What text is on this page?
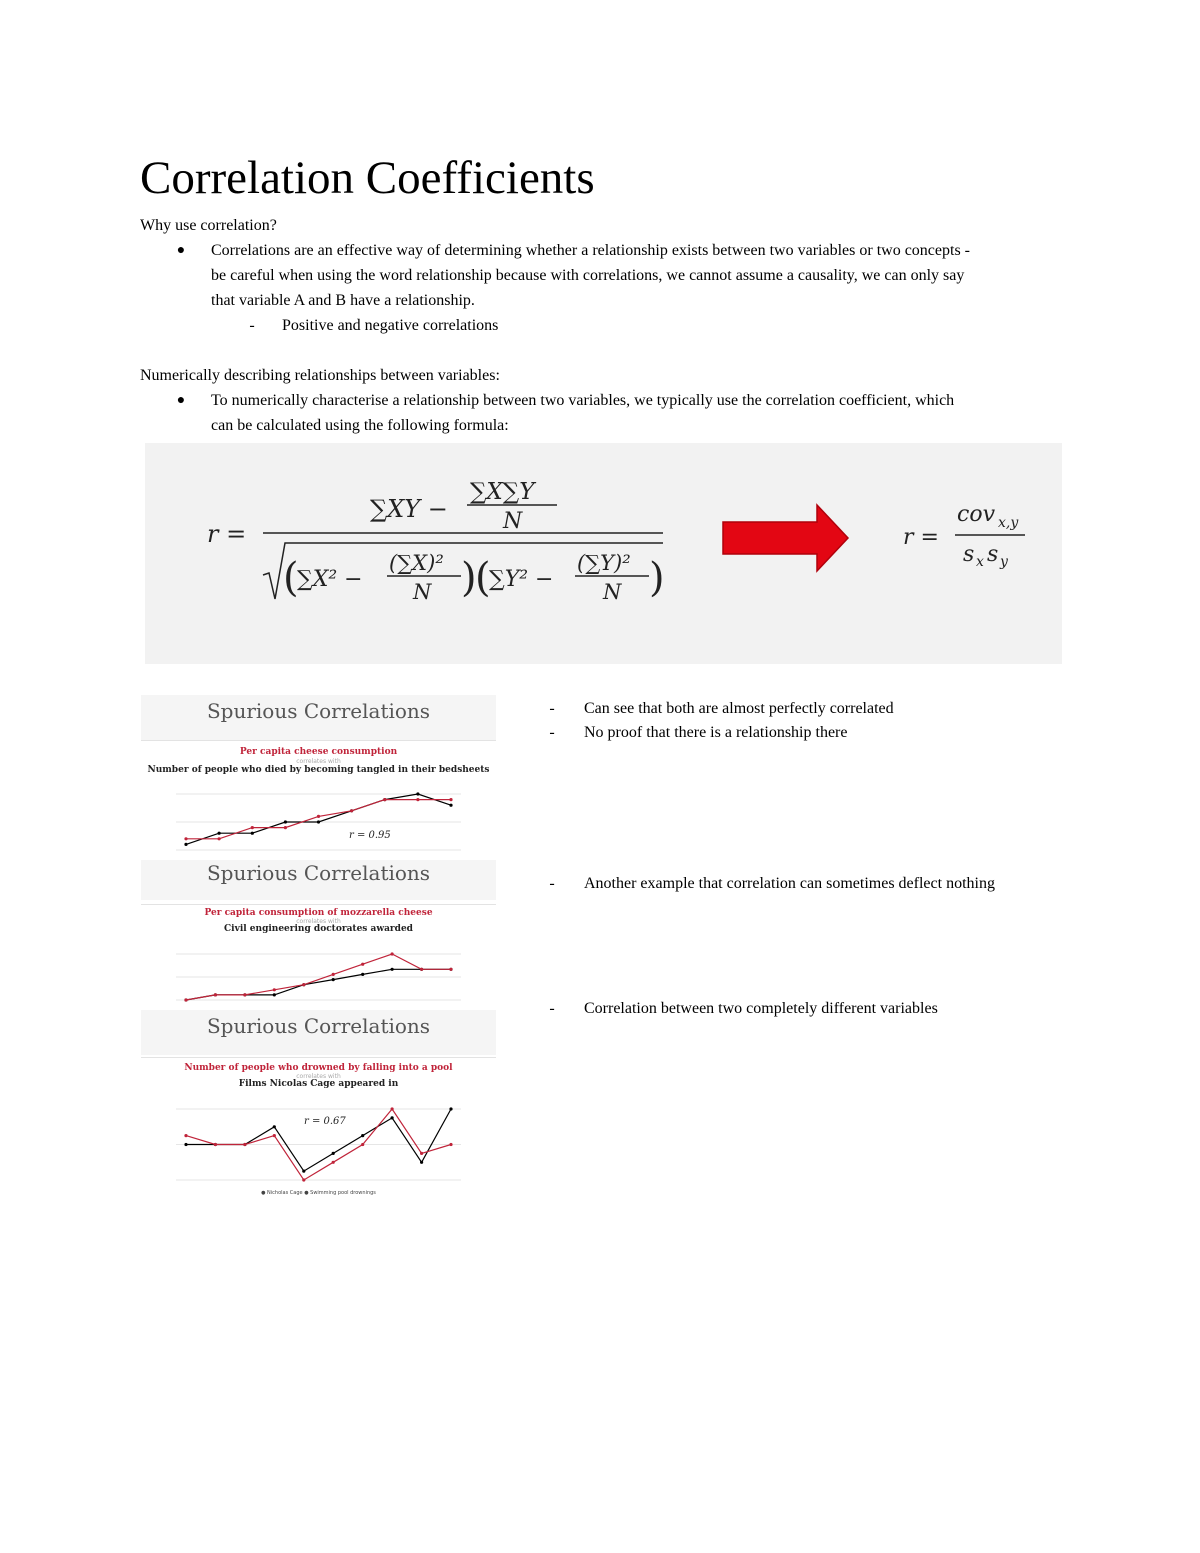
Correlation Coefficients
Why use correlation?
● Correlations are an effective way of determining whether a relationship exists between two variables or two concepts -
be careful when using the word relationship because with correlations, we cannot assume a causality, we can only say
that variable A and B have a relationship.
- Positive and negative correlations
Numerically describing relationships between variables:
● To numerically characterise a relationship between two variables, we typically use the correlation coefficient, which
can be calculated using the following formula:
r =
∑XY −
∑X∑Y
N
(
∑X² −
(∑X)²
N )
(
∑Y² −
(∑Y)²
N )
r =
cov x,y
s x s y
Spurious Correlations
Per capita cheese consumption
correlates with
Number of people who died by becoming tangled in their bedsheets
r = 0.95
Spurious Correlations
Per capita consumption of mozzarella cheese
correlates with
Civil engineering doctorates awarded
Spurious Correlations
Number of people who drowned by falling into a pool
correlates with
Films Nicolas Cage appeared in
r = 0.67
● Nicholas Cage ● Swimming pool drownings
- Can see that both are almost perfectly correlated
- No proof that there is a relationship there
- Another example that correlation can sometimes deflect nothing
- Correlation between two completely different variables
